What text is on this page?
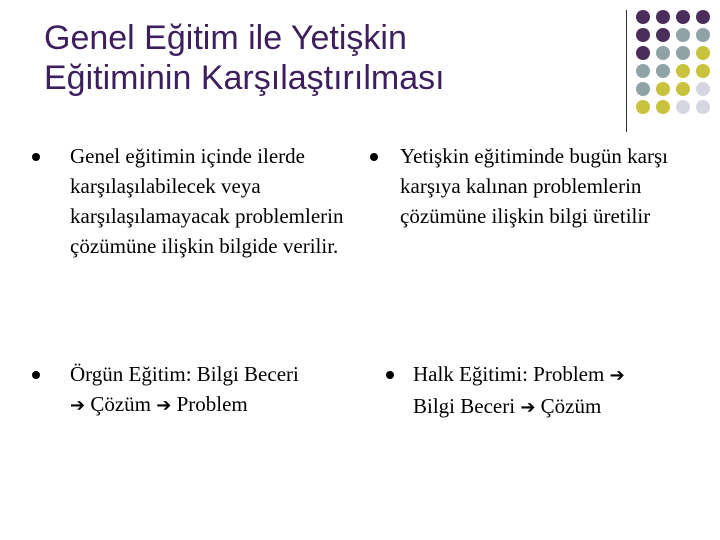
Genel Eğitim ile Yetişkin
Eğitiminin Karşılaştırılması

Genel eğitimin içinde ilerde karşılaşılabilecek veya karşılaşılamayacak problemlerin çözümüne ilişkin bilgide verilir.

Örgün Eğitim: Bilgi Beceri
➔ Çözüm ➔ Problem

Yetişkin eğitiminde bugün karşı karşıya kalınan problemlerin çözümüne ilişkin bilgi üretilir

Halk Eğitimi: Problem ➔
Bilgi Beceri ➔ Çözüm
